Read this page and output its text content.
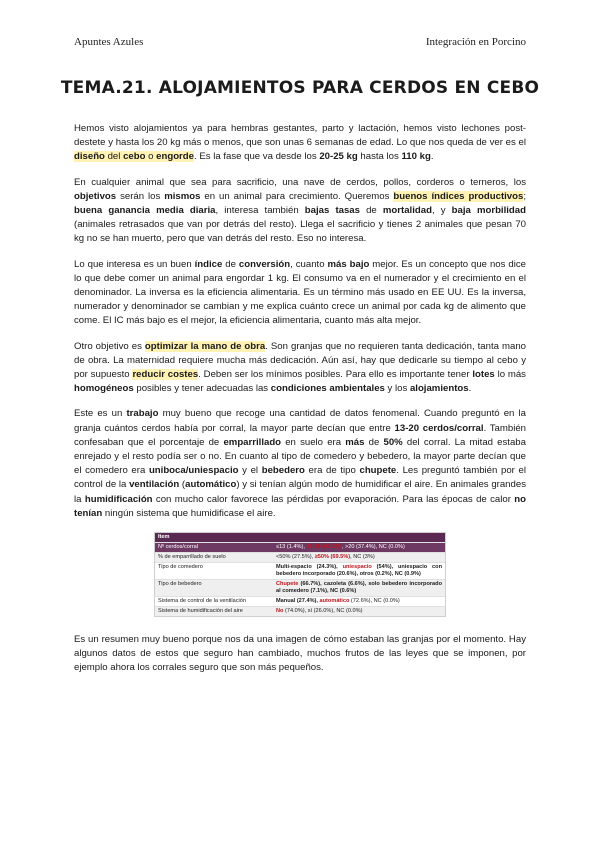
Apuntes Azules	Integración en Porcino
TEMA.21. ALOJAMIENTOS PARA CERDOS EN CEBO

Hemos visto alojamientos ya para hembras gestantes, parto y lactación, hemos visto lechones post-destete y hasta los 20 kg más o menos, que son unas 6 semanas de edad. Lo que nos queda de ver es el diseño del cebo o engorde. Es la fase que va desde los 20-25 kg hasta los 110 kg.

En cualquier animal que sea para sacrificio, una nave de cerdos, pollos, corderos o terneros, los objetivos serán los mismos en un animal para crecimiento. Queremos buenos índices productivos; buena ganancia media diaria, interesa también bajas tasas de mortalidad, y baja morbilidad (animales retrasados que van por detrás del resto). Llega el sacrificio y tienes 2 animales que pesan 70 kg no se han muerto, pero que van detrás del resto. Eso no interesa.

Lo que interesa es un buen índice de conversión, cuanto más bajo mejor. Es un concepto que nos dice lo que debe comer un animal para engordar 1 kg. El consumo va en el numerador y el crecimiento en el denominador. La inversa es la eficiencia alimentaria. Es un término más usado en EE UU. Es la inversa, numerador y denominador se cambian y me explica cuánto crece un animal por cada kg de alimento que come. El IC más bajo es el mejor, la eficiencia alimentaria, cuanto más alta mejor.

Otro objetivo es optimizar la mano de obra. Son granjas que no requieren tanta dedicación, tanta mano de obra. La maternidad requiere mucha más dedicación. Aún así, hay que dedicarle su tiempo al cebo y por supuesto reducir costes. Deben ser los mínimos posibles. Para ello es importante tener lotes lo más homogéneos posibles y tener adecuadas las condiciones ambientales y los alojamientos.

Este es un trabajo muy bueno que recoge una cantidad de datos fenomenal. Cuando preguntó en la granja cuántos cerdos había por corral, la mayor parte decían que entre 13-20 cerdos/corral. También confesaban que el porcentaje de emparrillado en suelo era más de 50% del corral. La mitad estaba enrejado y el resto podía ser o no. En cuanto al tipo de comedero y bebedero, la mayor parte decían que el comedero era uniboca/uniespacio y el bebedero era de tipo chupete. Les preguntó también por el control de la ventilación (automático) y si tenían algún modo de humidificar el aire. En animales grandes la humidificación con mucho calor favorece las pérdidas por evaporación. Para las épocas de calor no tenían ningún sistema que humidificase el aire.

Item
Nº cerdos/corral	≤13 (1.4%), 13-20 (61.2%), >20 (37.4%), NC (0.0%)
% de emparrillado de suelo	<50% (27.5%), ≥50% (69.5%), NC (3%)
Tipo de comedero	Multi-espacio (24.3%), uniespacio (54%), uniespacio con bebedero incorporado (20.6%), otros (0.2%), NC (0.9%)
Tipo de bebedero	Chupete (66.7%), cazoleta (6.6%), solo bebedero incorporado al comedero (7.1%), NC (0.6%)
Sistema de control de la ventilación	Manual (27.4%), automático (72.6%), NC (0.0%)
Sistema de humidificación del aire	No (74.0%), sí (26.0%), NC (0.0%)

Es un resumen muy bueno porque nos da una imagen de cómo estaban las granjas por el momento. Hay algunos datos de estos que seguro han cambiado, muchos frutos de las leyes que se imponen, por ejemplo ahora los corrales seguro que son más pequeños.
